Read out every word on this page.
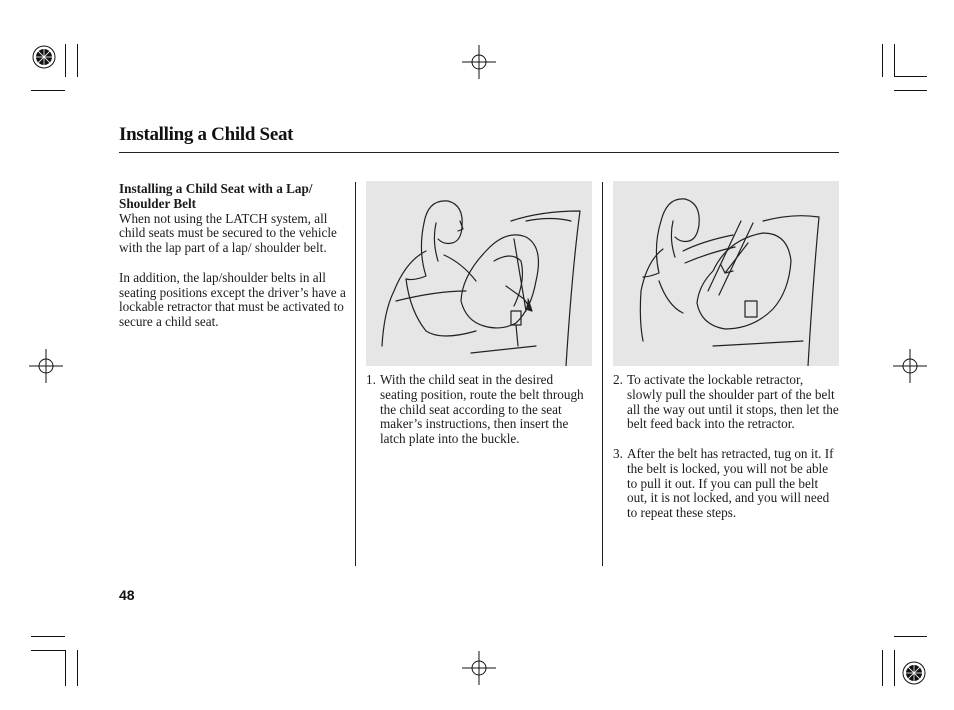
Installing a Child Seat
Installing a Child Seat with a Lap/
Shoulder Belt

When not using the LATCH system, all child seats must be secured to the vehicle with the lap part of a lap/ shoulder belt.

In addition, the lap/shoulder belts in all seating positions except the driver’s have a lockable retractor that must be activated to secure a child seat.

1. With the child seat in the desired seating position, route the belt through the child seat according to the seat maker’s instructions, then insert the latch plate into the buckle.

2. To activate the lockable retractor, slowly pull the shoulder part of the belt all the way out until it stops, then let the belt feed back into the retractor.

3. After the belt has retracted, tug on it. If the belt is locked, you will not be able to pull it out. If you can pull the belt out, it is not locked, and you will need to repeat these steps.

48
